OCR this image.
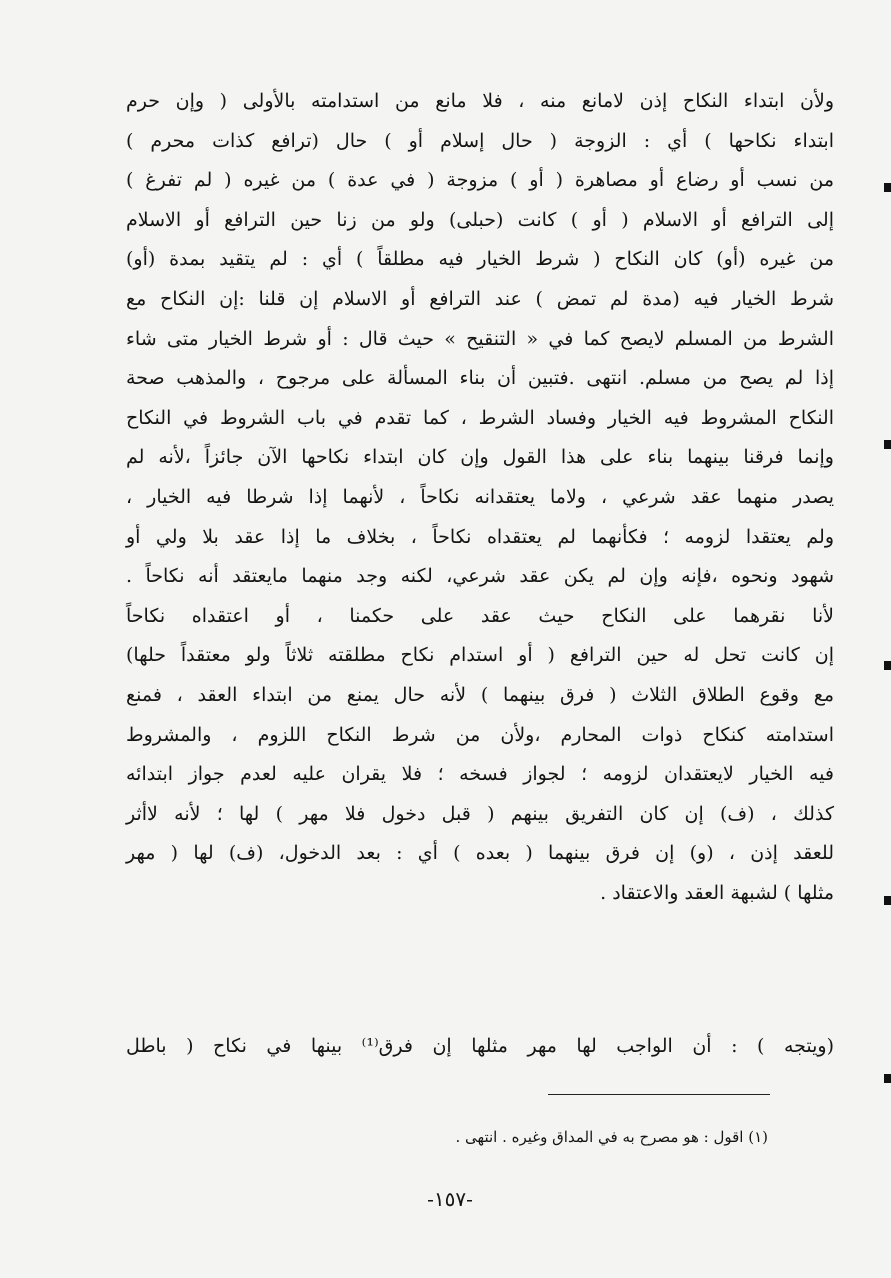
ولأن ابتداء النكاح إذن لامانع منه ، فلا مانع من استدامته بالأولى ( وإن حرم
ابتداء نكاحها ) أي : الزوجة ( حال إسلام أو ) حال (ترافع كذات محرم )
من نسب أو رضاع أو مصاهرة ( أو ) مزوجة ( في عدة ) من غيره ( لم تفرغ )
إلى الترافع أو الاسلام ( أو ) كانت (حبلى) ولو من زنا حين الترافع أو الاسلام
من غيره (أو) كان النكاح ( شرط الخيار فيه مطلقاً ) أي : لم يتقيد بمدة (أو)
شرط الخيار فيه (مدة لم تمض ) عند الترافع أو الاسلام إن قلنا :إن النكاح مع
الشرط من المسلم لايصح كما في « التنقيح » حيث قال : أو شرط الخيار متى شاء
إذا لم يصح من مسلم. انتهى .فتبين أن بناء المسألة على مرجوح ، والمذهب صحة
النكاح المشروط فيه الخيار وفساد الشرط ، كما تقدم في باب الشروط في النكاح
وإنما فرقنا بينهما بناء على هذا القول وإن كان ابتداء نكاحها الآن جائزاً ،لأنه لم
يصدر منهما عقد شرعي ، ولاما يعتقدانه نكاحاً ، لأنهما إذا شرطا فيه الخيار ،
ولم يعتقدا لزومه ؛ فكأنهما لم يعتقداه نكاحاً ، بخلاف ما إذا عقد بلا ولي أو
شهود ونحوه ،فإنه وإن لم يكن عقد شرعي، لكنه وجد منهما مايعتقد أنه نكاحاً .
لأنا نقرهما على النكاح حيث عقد على حكمنا ، أو اعتقداه نكاحاً
إن كانت تحل له حين الترافع ( أو استدام نكاح مطلقته ثلاثاً ولو معتقداً حلها)
مع وقوع الطلاق الثلاث ( فرق بينهما ) لأنه حال يمنع من ابتداء العقد ، فمنع
استدامته كنكاح ذوات المحارم ،ولأن من شرط النكاح اللزوم ، والمشروط
فيه الخيار لايعتقدان لزومه ؛ لجواز فسخه ؛ فلا يقران عليه لعدم جواز ابتدائه
كذلك ، (ف) إن كان التفريق بينهم ( قبل دخول فلا مهر ) لها ؛ لأنه لاأثر
للعقد إذن ، (و) إن فرق بينهما ( بعده ) أي : بعد الدخول، (ف) لها ( مهر
مثلها ) لشبهة العقد والاعتقاد .
(ويتجه ) : أن الواجب لها مهر مثلها إن فرق⁽¹⁾ بينها في نكاح ( باطل
(١) اقول : هو مصرح به في المداق وغيره . انتهى .
-١٥٧-
